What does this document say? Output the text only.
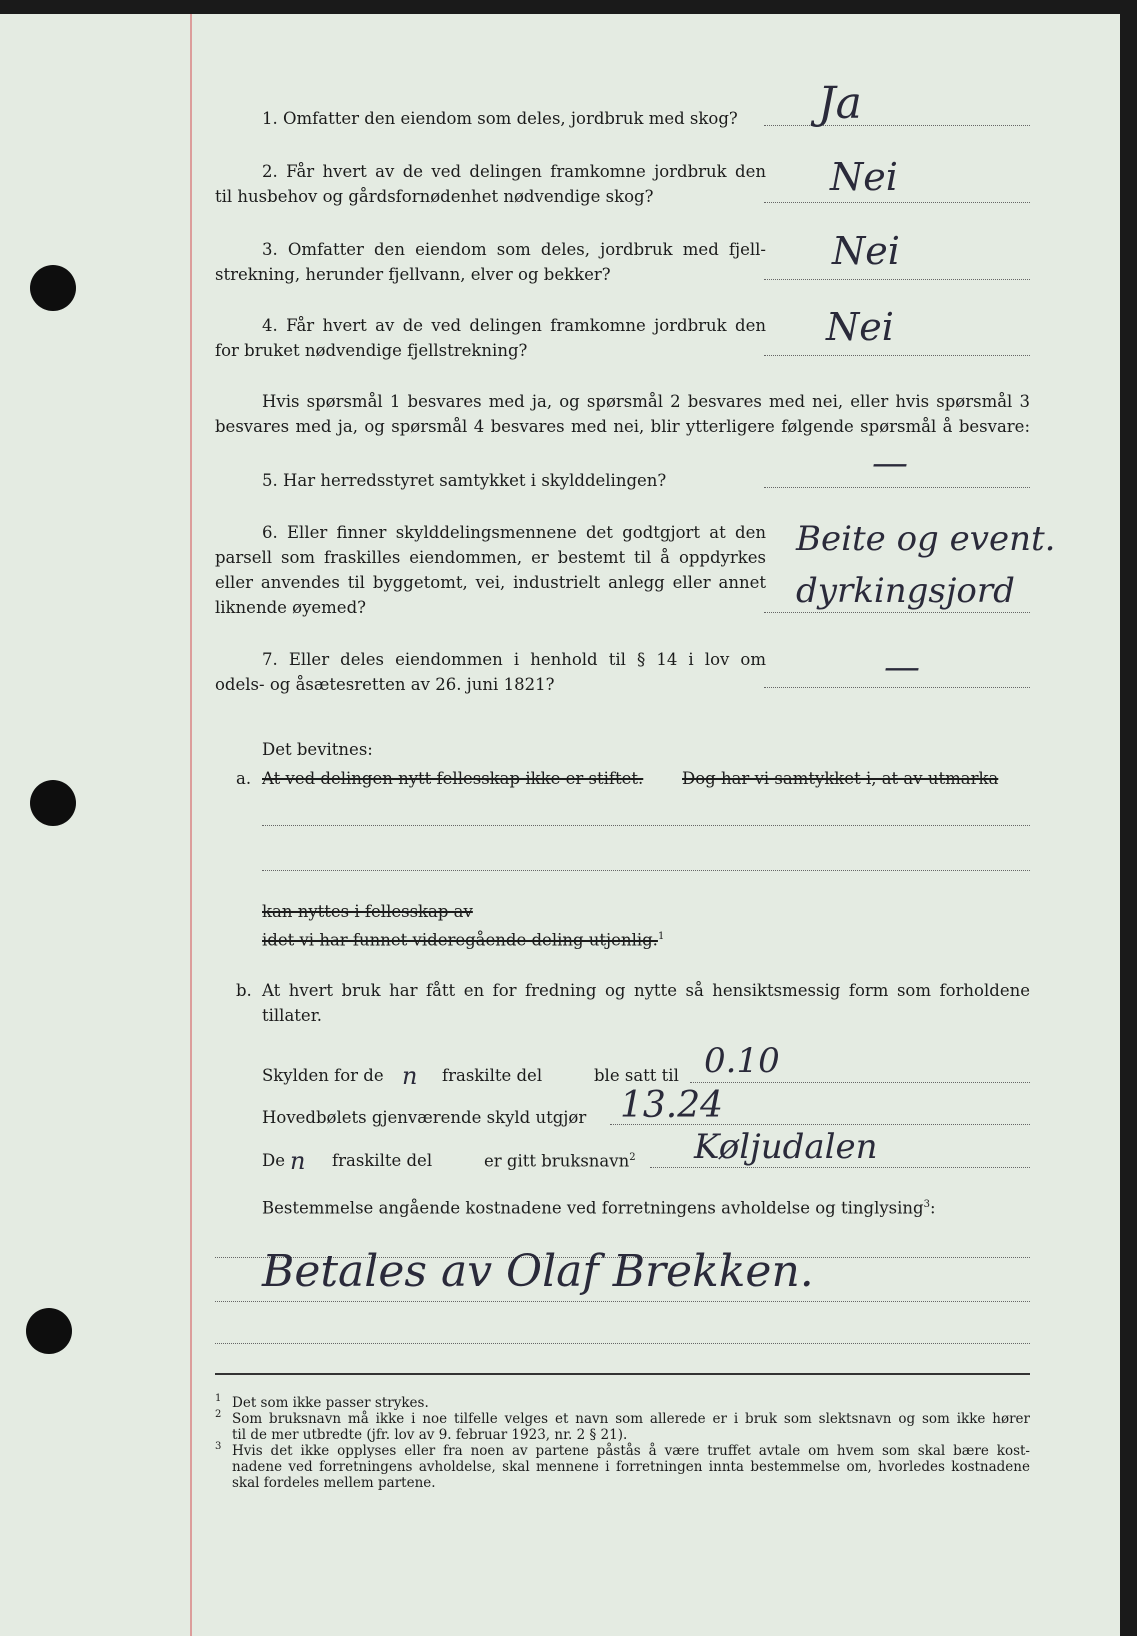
1. Omfatter den eiendom som deles, jordbruk med skog? Ja
2. Får hvert av de ved delingen framkomne jordbruk den
til husbehov og gårdsfornødenhet nødvendige skog?	Nei
3. Omfatter den eiendom som deles, jordbruk med fjell-
strekning, herunder fjellvann, elver og bekker?
Nei
4. Får hvert av de ved delingen framkomne jordbruk den
for bruket nødvendige fjellstrekning?
Nei
Hvis spørsmål 1 besvares med ja, og spørsmål 2 besvares med nei, eller hvis spørsmål 3
besvares med ja, og spørsmål 4 besvares med nei, blir ytterligere følgende spørsmål å besvare:
5. Har herredsstyret samtykket i skylddelingen?	—
6. Eller finner skylddelingsmennene det godtgjort at den
parsell som fraskilles eiendommen, er bestemt til å oppdyrkes
eller anvendes til byggetomt, vei, industrielt anlegg eller annet
liknende øyemed?
Beite og event.
dyrkingsjord
7. Eller deles eiendommen i henhold til § 14 i lov om
odels- og åsætesretten av 26. juni 1821?	—
Det bevitnes:
a. At ved delingen nytt fellesskap ikke er stiftet. Dog har vi samtykket i, at av utmarka
kan nyttes i fellesskap av
idet vi har funnet videregående deling utjenlig.$^1$
b. At hvert bruk har fått en for fredning og nytte så hensiktsmessig form som forholdene
tillater.
Skylden for de n fraskilte del	ble satt til 0.10
Hovedbølets gjenværende skyld utgjør 13.24
De n fraskilte del	er gitt bruksnavn$^2$ Køljudalen
Bestemmelse angående kostnadene ved forretningens avholdelse og tinglysing$^3$:
Betales av Olaf Brekken.
1 Det som ikke passer strykes.
2 Som bruksnavn må ikke i noe tilfelle velges et navn som allerede er i bruk som slektsnavn og som ikke hører
til de mer utbredte (jfr. lov av 9. februar 1923, nr. 2 § 21).
3 Hvis det ikke opplyses eller fra noen av partene påstås å være truffet avtale om hvem som skal bære kost-
nadene ved forretningens avholdelse, skal mennene i forretningen innta bestemmelse om, hvorledes kostnadene
skal fordeles mellem partene.
